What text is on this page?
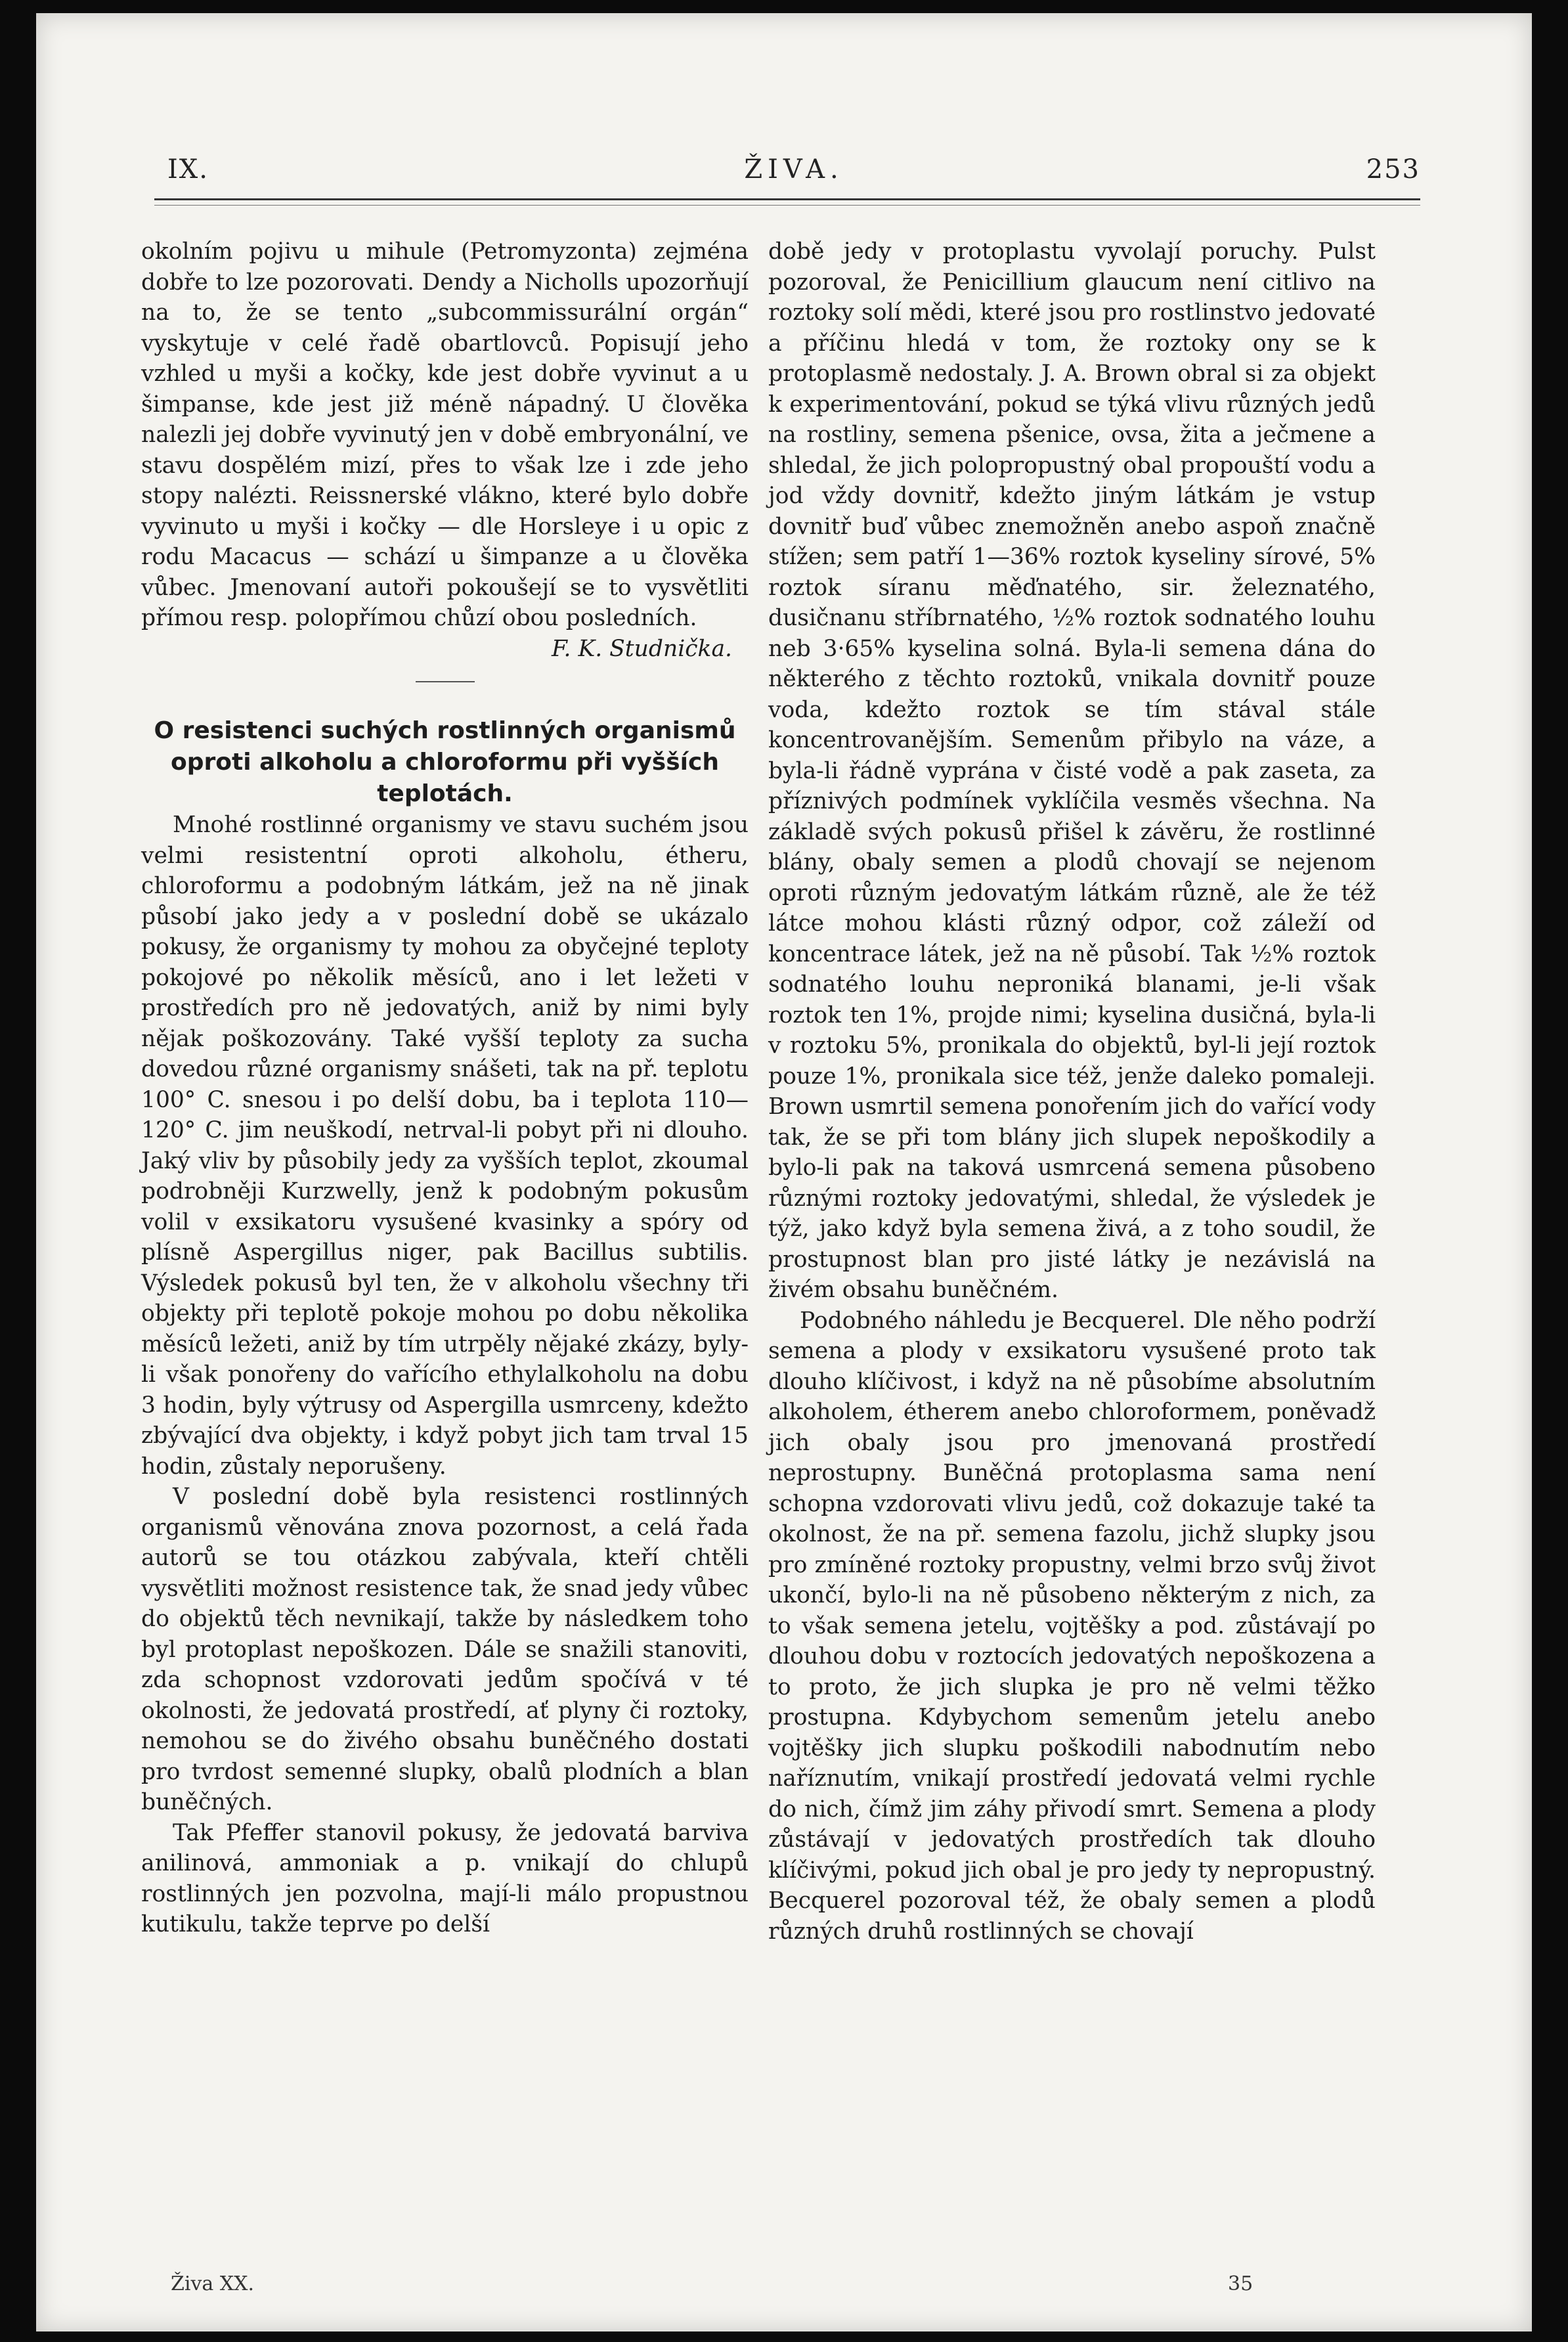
IX.	ŽIVA.	253

okolním pojivu u mihule (Petromyzonta) zejména dobře to lze pozorovati. Dendy a Nicholls upozorňují na to, že se tento „subcommissurální orgán“ vyskytuje v celé řadě obartlovců. Popisují jeho vzhled u myši a kočky, kde jest dobře vyvinut a u šimpanse, kde jest již méně nápadný. U člověka nalezli jej dobře vyvinutý jen v době embryonální, ve stavu dospělém mizí, přes to však lze i zde jeho stopy nalézti. Reissnerské vlákno, které bylo dobře vyvinuto u myši i kočky — dle Horsleye i u opic z rodu Macacus — schází u šimpanze a u člověka vůbec. Jmenovaní autoři pokoušejí se to vysvětliti přímou resp. polopřímou chůzí obou posledních.

F. K. Studnička.

O resistenci suchých rostlinných organismů oproti alkoholu a chloroformu při vyšších teplotách.

Mnohé rostlinné organismy ve stavu suchém jsou velmi resistentní oproti alkoholu, étheru, chloroformu a podobným látkám, jež na ně jinak působí jako jedy a v poslední době se ukázalo pokusy, že organismy ty mohou za obyčejné teploty pokojové po několik měsíců, ano i let ležeti v prostředích pro ně jedovatých, aniž by nimi byly nějak poškozovány. Také vyšší teploty za sucha dovedou různé organismy snášeti, tak na př. teplotu 100° C. snesou i po delší dobu, ba i teplota 110—120° C. jim neuškodí, netrval-li pobyt při ni dlouho. Jaký vliv by působily jedy za vyšších teplot, zkoumal podrobněji Kurzwelly, jenž k podobným pokusům volil v exsikatoru vysušené kvasinky a spóry od plísně Aspergillus niger, pak Bacillus subtilis. Výsledek pokusů byl ten, že v alkoholu všechny tři objekty při teplotě pokoje mohou po dobu několika měsíců ležeti, aniž by tím utrpěly nějaké zkázy, byly-li však ponořeny do vařícího ethylalkoholu na dobu 3 hodin, byly výtrusy od Aspergilla usmrceny, kdežto zbývající dva objekty, i když pobyt jich tam trval 15 hodin, zůstaly neporušeny.

V poslední době byla resistenci rostlinných organismů věnována znova pozornost, a celá řada autorů se tou otázkou zabývala, kteří chtěli vysvětliti možnost resistence tak, že snad jedy vůbec do objektů těch nevnikají, takže by následkem toho byl protoplast nepoškozen. Dále se snažili stanoviti, zda schopnost vzdorovati jedům spočívá v té okolnosti, že jedovatá prostředí, ať plyny či roztoky, nemohou se do živého obsahu buněčného dostati pro tvrdost semenné slupky, obalů plodních a blan buněčných.

Tak Pfeffer stanovil pokusy, že jedovatá barviva anilinová, ammoniak a p. vnikají do chlupů rostlinných jen pozvolna, mají-li málo propustnou kutikulu, takže teprve po delší

době jedy v protoplastu vyvolají poruchy. Pulst pozoroval, že Penicillium glaucum není citlivo na roztoky solí mědi, které jsou pro rostlinstvo jedovaté a příčinu hledá v tom, že roztoky ony se k protoplasmě nedostaly. J. A. Brown obral si za objekt k experimentování, pokud se týká vlivu různých jedů na rostliny, semena pšenice, ovsa, žita a ječmene a shledal, že jich polopropustný obal propouští vodu a jod vždy dovnitř, kdežto jiným látkám je vstup dovnitř buď vůbec znemožněn anebo aspoň značně stížen; sem patří 1—36% roztok kyseliny sírové, 5% roztok síranu měďnatého, sir. železnatého, dusičnanu stříbrnatého, ½% roztok sodnatého louhu neb 3·65% kyselina solná. Byla-li semena dána do některého z těchto roztoků, vnikala dovnitř pouze voda, kdežto roztok se tím stával stále koncentrovanějším. Semenům přibylo na váze, a byla-li řádně vyprána v čisté vodě a pak zaseta, za příznivých podmínek vyklíčila vesměs všechna. Na základě svých pokusů přišel k závěru, že rostlinné blány, obaly semen a plodů chovají se nejenom oproti různým jedovatým látkám různě, ale že též látce mohou klásti různý odpor, což záleží od koncentrace látek, jež na ně působí. Tak ½% roztok sodnatého louhu neproniká blanami, je-li však roztok ten 1%, projde nimi; kyselina dusičná, byla-li v roztoku 5%, pronikala do objektů, byl-li její roztok pouze 1%, pronikala sice též, jenže daleko pomaleji. Brown usmrtil semena ponořením jich do vařící vody tak, že se při tom blány jich slupek nepoškodily a bylo-li pak na taková usmrcená semena působeno různými roztoky jedovatými, shledal, že výsledek je týž, jako když byla semena živá, a z toho soudil, že prostupnost blan pro jisté látky je nezávislá na živém obsahu buněčném.

Podobného náhledu je Becquerel. Dle něho podrží semena a plody v exsikatoru vysušené proto tak dlouho klíčivost, i když na ně působíme absolutním alkoholem, étherem anebo chloroformem, poněvadž jich obaly jsou pro jmenovaná prostředí neprostupny. Buněčná protoplasma sama není schopna vzdorovati vlivu jedů, což dokazuje také ta okolnost, že na př. semena fazolu, jichž slupky jsou pro zmíněné roztoky propustny, velmi brzo svůj život ukončí, bylo-li na ně působeno některým z nich, za to však semena jetelu, vojtěšky a pod. zůstávají po dlouhou dobu v roztocích jedovatých nepoškozena a to proto, že jich slupka je pro ně velmi těžko prostupna. Kdybychom semenům jetelu anebo vojtěšky jich slupku poškodili nabodnutím nebo naříznutím, vnikají prostředí jedovatá velmi rychle do nich, čímž jim záhy přivodí smrt. Semena a plody zůstávají v jedovatých prostředích tak dlouho klíčivými, pokud jich obal je pro jedy ty nepropustný. Becquerel pozoroval též, že obaly semen a plodů různých druhů rostlinných se chovají

Živa XX.	35
